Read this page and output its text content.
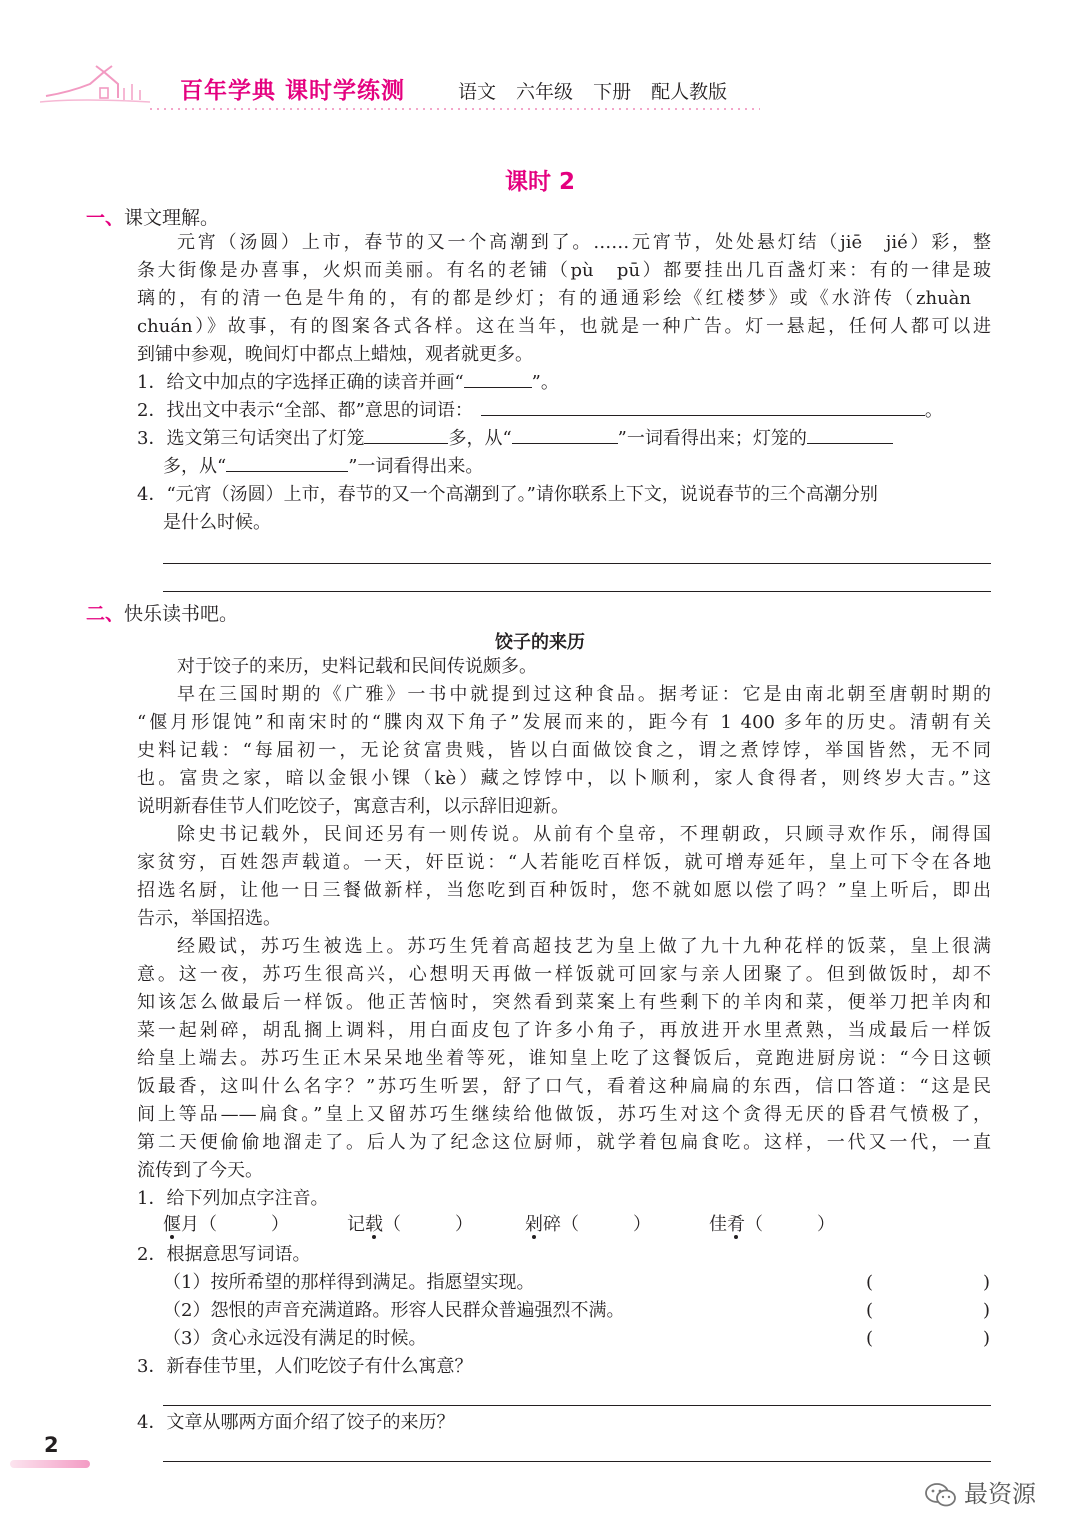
百年学典 课时学练测	语文 六年级 下册 配人教版
课时 2
一、课文理解。
元宵（汤圆）上市，春节的又一个高潮到了。……元宵节，处处悬灯结（jiē　jié）彩，整
条大街像是办喜事，火炽而美丽。有名的老铺（pù　pū）都要挂出几百盏灯来：有的一律是玻
璃的，有的清一色是牛角的，有的都是纱灯；有的通通彩绘《红楼梦》或《水浒传（zhuàn
chuán）》故事，有的图案各式各样。这在当年，也就是一种广告。灯一悬起，任何人都可以进
到铺中参观，晚间灯中都点上蜡烛，观者就更多。
1．给文中加点的字选择正确的读音并画“	”。
2．找出文中表示“全部、都”意思的词语：	。
3．选文第三句话突出了灯笼	多，从“	”一词看得出来；灯笼的
多，从“	”一词看得出来。
4．“元宵（汤圆）上市，春节的又一个高潮到了。”请你联系上下文，说说春节的三个高潮分别
是什么时候。
二、快乐读书吧。
饺子的来历
对于饺子的来历，史料记载和民间传说颇多。
早在三国时期的《广雅》一书中就提到过这种食品。据考证：它是由南北朝至唐朝时期的
“偃月形馄饨”和南宋时的“䐑肉双下角子”发展而来的，距今有 1 400 多年的历史。清朝有关
史料记载：“每届初一，无论贫富贵贱，皆以白面做饺食之，谓之煮饽饽，举国皆然，无不同
也。富贵之家，暗以金银小锞（kè）藏之饽饽中，以卜顺利，家人食得者，则终岁大吉。”这
说明新春佳节人们吃饺子，寓意吉利，以示辞旧迎新。
除史书记载外，民间还另有一则传说。从前有个皇帝，不理朝政，只顾寻欢作乐，闹得国
家贫穷，百姓怨声载道。一天，奸臣说：“人若能吃百样饭，就可增寿延年，皇上可下令在各地
招选名厨，让他一日三餐做新样，当您吃到百种饭时，您不就如愿以偿了吗？”皇上听后，即出
告示，举国招选。
经殿试，苏巧生被选上。苏巧生凭着高超技艺为皇上做了九十九种花样的饭菜，皇上很满
意。这一夜，苏巧生很高兴，心想明天再做一样饭就可回家与亲人团聚了。但到做饭时，却不
知该怎么做最后一样饭。他正苦恼时，突然看到菜案上有些剩下的羊肉和菜，便举刀把羊肉和
菜一起剁碎，胡乱搁上调料，用白面皮包了许多小角子，再放进开水里煮熟，当成最后一样饭
给皇上端去。苏巧生正木呆呆地坐着等死，谁知皇上吃了这餐饭后，竟跑进厨房说：“今日这顿
饭最香，这叫什么名字？”苏巧生听罢，舒了口气，看着这种扁扁的东西，信口答道：“这是民
间上等品——扁食。”皇上又留苏巧生继续给他做饭，苏巧生对这个贪得无厌的昏君气愤极了，
第二天便偷偷地溜走了。后人为了纪念这位厨师，就学着包扁食吃。这样，一代又一代，一直
流传到了今天。
1．给下列加点字注音。
偃月（　　　）	记载（　　　）	剁碎（　　　）	佳肴（　　　）
2．根据意思写词语。
（1）按所希望的那样得到满足。指愿望实现。	(	)
（2）怨恨的声音充满道路。形容人民群众普遍强烈不满。	(	)
（3）贪心永远没有满足的时候。	(	)
3．新春佳节里，人们吃饺子有什么寓意？
4．文章从哪两方面介绍了饺子的来历？
2
最资源
